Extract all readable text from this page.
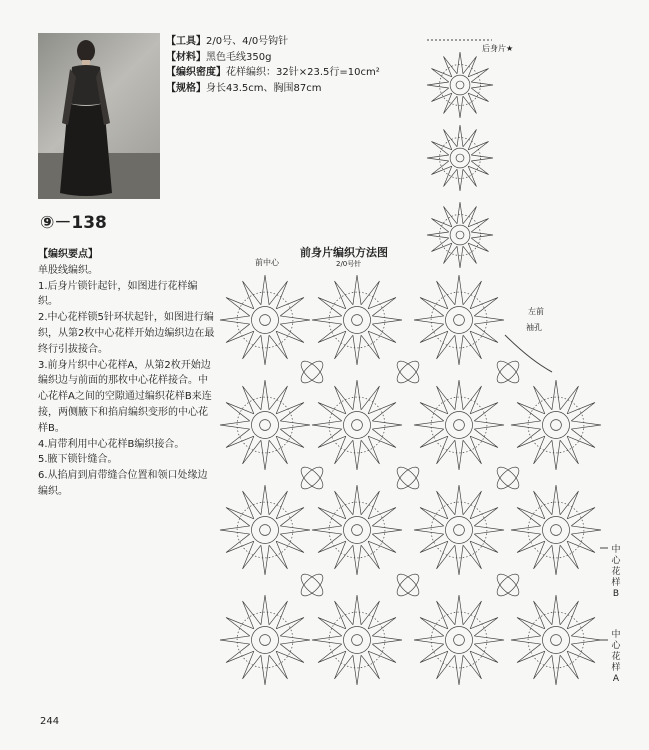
【工具】2/0号、4/0号钩针
【材料】黑色毛线350g
【编织密度】花样编织：32针×23.5行=10cm²
【规格】身长43.5cm、胸围87cm
⑨－138

【编织要点】

单股线编织。

1.后身片锁针起针，如图进行花样编织。

2.中心花样锁5针环状起针，如图进行编织，从第2枚中心花样开始边编织边在最终行引拔接合。

3.前身片织中心花样A，从第2枚开始边编织边与前面的那枚中心花样接合。中心花样A之间的空隙通过编织花样B来连接，两侧腋下和掐肩编织变形的中心花样B。

4.肩带利用中心花样B编织接合。

5.腋下锁针缝合。

6.从掐肩到肩带缝合位置和领口处缘边编织。

前身片编织方法图
2/0号针
前中心
后身片★
左前
袖孔
中心花样B
中心花样A
244
